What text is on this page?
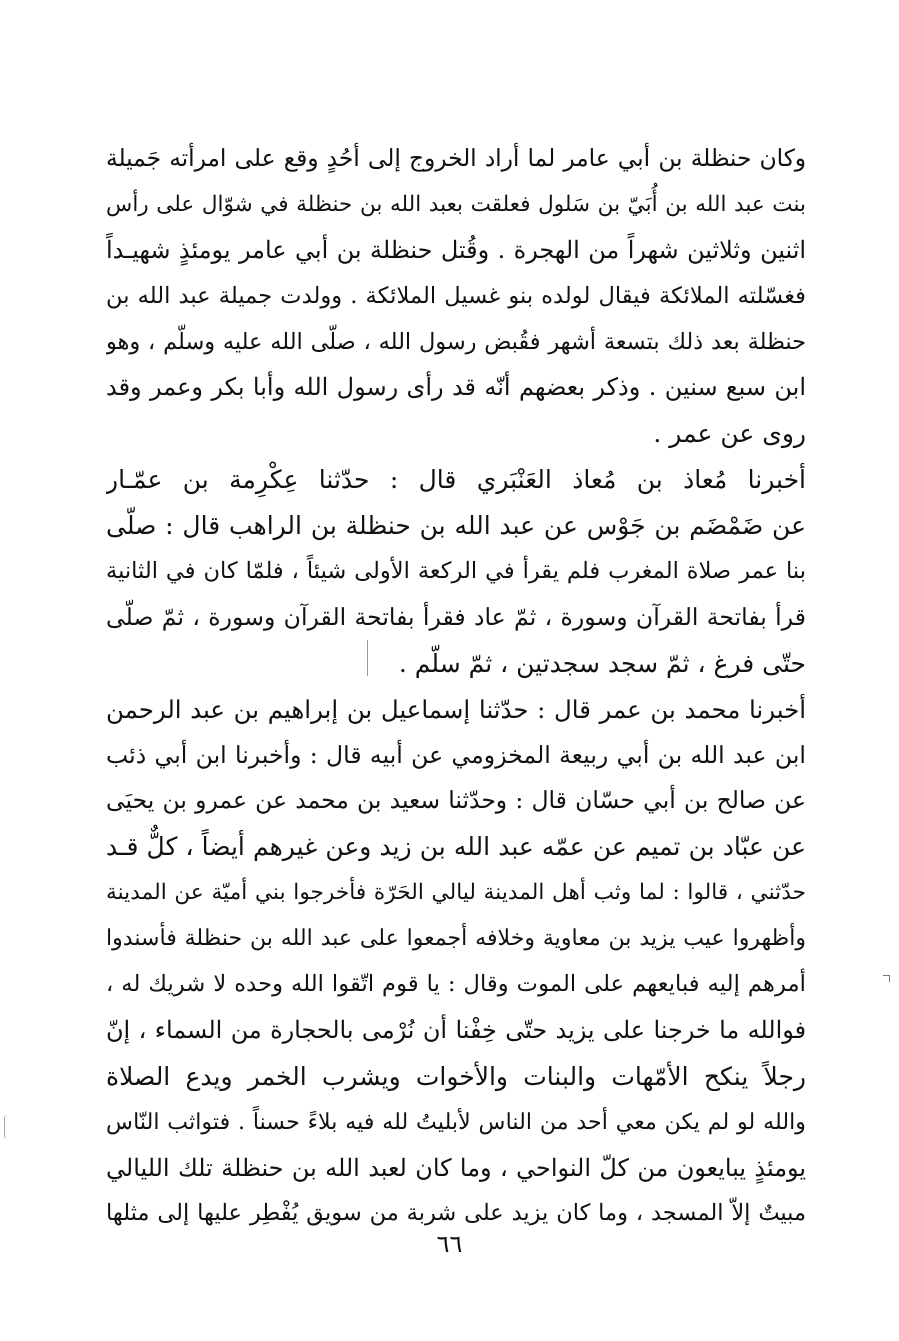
وكان حنظلة بن أبي عامر لما أراد الخروج إلى أحُدٍ وقع على امرأته جَميلة
بنت عبد الله بن أُبَيّ بن سَلول فعلقت بعبد الله بن حنظلة في شوّال على رأس
اثنين وثلاثين شهراً من الهجرة . وقُتل حنظلة بن أبي عامر يومئذٍ شهيـداً
فغسّلته الملائكة فيقال لولده بنو غسيل الملائكة . وولدت جميلة عبد الله بن
حنظلة بعد ذلك بتسعة أشهر فقُبض رسول الله ، صلّى الله عليه وسلّم ، وهو
ابن سبع سنين . وذكر بعضهم أنّه قد رأى رسول الله وأبا بكر وعمر وقد
روى عن عمر .
أخبرنا مُعاذ بن مُعاذ العَنْبَري قال : حدّثنا عِكْرِمة بن عمّـار
عن ضَمْضَم بن جَوْس عن عبد الله بن حنظلة بن الراهب قال : صلّى
بنا عمر صلاة المغرب فلم يقرأ في الركعة الأولى شيئاً ، فلمّا كان في الثانية
قرأ بفاتحة القرآن وسورة ، ثمّ عاد فقرأ بفاتحة القرآن وسورة ، ثمّ صلّى
حتّى فرغ ، ثمّ سجد سجدتين ، ثمّ سلّم .
أخبرنا محمد بن عمر قال : حدّثنا إسماعيل بن إبراهيم بن عبد الرحمن
ابن عبد الله بن أبي ربيعة المخزومي عن أبيه قال : وأخبرنا ابن أبي ذئب
عن صالح بن أبي حسّان قال : وحدّثنا سعيد بن محمد عن عمرو بن يحيَى
عن عبّاد بن تميم عن عمّه عبد الله بن زيد وعن غيرهم أيضاً ، كلٌّ قـد
حدّثني ، قالوا : لما وثب أهل المدينة ليالي الحَرّة فأخرجوا بني أميّة عن المدينة
وأظهروا عيب يزيد بن معاوية وخلافه أجمعوا على عبد الله بن حنظلة فأسندوا
أمرهم إليه فبايعهم على الموت وقال : يا قوم اتّقوا الله وحده لا شريك له ،
فوالله ما خرجنا على يزيد حتّى خِفْنا أن نُرْمى بالحجارة من السماء ، إنّ
رجلاً ينكح الأمّهات والبنات والأخوات ويشرب الخمر ويدع الصلاة
والله لو لم يكن معي أحد من الناس لأبليتُ لله فيه بلاءً حسناً . فتواثب النّاس
يومئذٍ يبايعون من كلّ النواحي ، وما كان لعبد الله بن حنظلة تلك الليالي
مبيتٌ إلاّ المسجد ، وما كان يزيد على شربة من سويق يُفْطِر عليها إلى مثلها
٦٦
